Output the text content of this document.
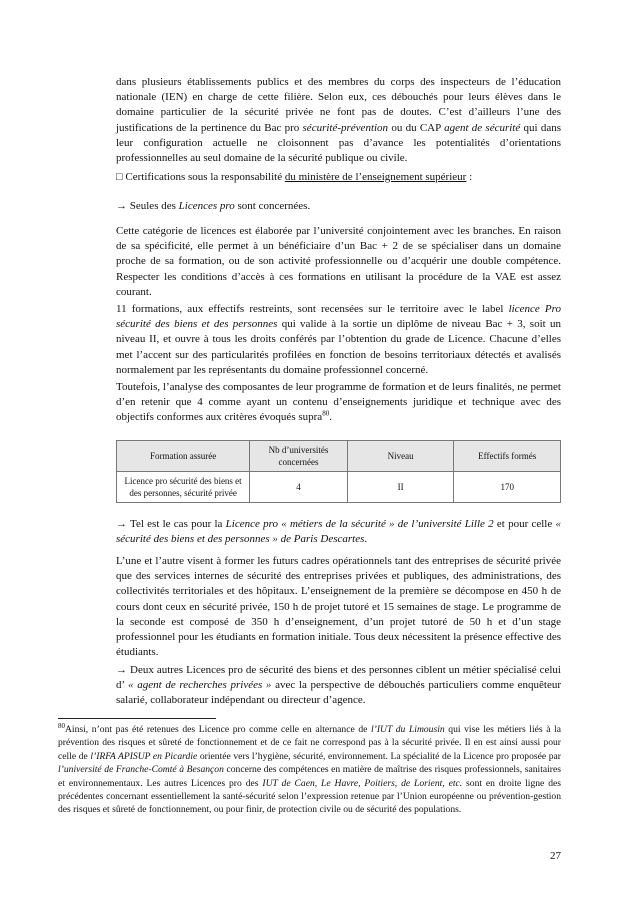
dans plusieurs établissements publics et des membres du corps des inspecteurs de l’éducation nationale (IEN) en charge de cette filière. Selon eux, ces débouchés pour leurs élèves dans le domaine particulier de la sécurité privée ne font pas de doutes. C’est d’ailleurs l’une des justifications de la pertinence du Bac pro sécurité-prévention ou du CAP agent de sécurité qui dans leur configuration actuelle ne cloisonnent pas d’avance les potentialités d’orientations professionnelles au seul domaine de la sécurité publique ou civile.

□ Certifications sous la responsabilité du ministère de l’enseignement supérieur :
→ Seules des Licences pro sont concernées.

Cette catégorie de licences est élaborée par l’université conjointement avec les branches. En raison de sa spécificité, elle permet à un bénéficiaire d’un Bac + 2 de se spécialiser dans un domaine proche de sa formation, ou de son activité professionnelle ou d’acquérir une double compétence. Respecter les conditions d’accès à ces formations en utilisant la procédure de la VAE est assez courant.

11 formations, aux effectifs restreints, sont recensées sur le territoire avec le label licence Pro sécurité des biens et des personnes qui valide à la sortie un diplôme de niveau Bac + 3, soit un niveau II, et ouvre à tous les droits conférés par l’obtention du grade de Licence. Chacune d’elles met l’accent sur des particularités profilées en fonction de besoins territoriaux détectés et avalisés normalement par les représentants du domaine professionnel concerné.

Toutefois, l’analyse des composantes de leur programme de formation et de leurs finalités, ne permet d’en retenir que 4 comme ayant un contenu d’enseignements juridique et technique avec des objectifs conformes aux critères évoqués supra$^{80}$.

Formation assurée	Nb d’universités concernées	Niveau	Effectifs formés
Licence pro sécurité des biens et des personnes, sécurité privée	4	II	170

→ Tel est le cas pour la Licence pro « métiers de la sécurité » de l’université Lille 2 et pour celle « sécurité des biens et des personnes » de Paris Descartes.

L’une et l’autre visent à former les futurs cadres opérationnels tant des entreprises de sécurité privée que des services internes de sécurité des entreprises privées et publiques, des administrations, des collectivités territoriales et des hôpitaux. L’enseignement de la première se décompose en 450 h de cours dont ceux en sécurité privée, 150 h de projet tutoré et 15 semaines de stage. Le programme de la seconde est composé de 350 h d’enseignement, d’un projet tutoré de 50 h et d’un stage professionnel pour les étudiants en formation initiale. Tous deux nécessitent la présence effective des étudiants.

→ Deux autres Licences pro de sécurité des biens et des personnes ciblent un métier spécialisé celui d’ « agent de recherches privées » avec la perspective de débouchés particuliers comme enquêteur salarié, collaborateur indépendant ou directeur d’agence.

$^{80}$Ainsi, n’ont pas été retenues des Licence pro comme celle en alternance de l’IUT du Limousin qui vise les métiers liés à la prévention des risques et sûreté de fonctionnement et de ce fait ne correspond pas à la sécurité privée. Il en est ainsi aussi pour celle de l’IRFA APISUP en Picardie orientée vers l’hygiène, sécurité, environnement. La spécialité de la Licence pro proposée par l’université de Franche-Comté à Besançon concerne des compétences en matière de maîtrise des risques professionnels, sanitaires et environnementaux. Les autres Licences pro des IUT de Caen, Le Havre, Poitiers, de Lorient, etc. sont en droite ligne des précédentes concernant essentiellement la santé-sécurité selon l’expression retenue par l’Union européenne ou prévention-gestion des risques et sûreté de fonctionnement, ou pour finir, de protection civile ou de sécurité des populations.

27
